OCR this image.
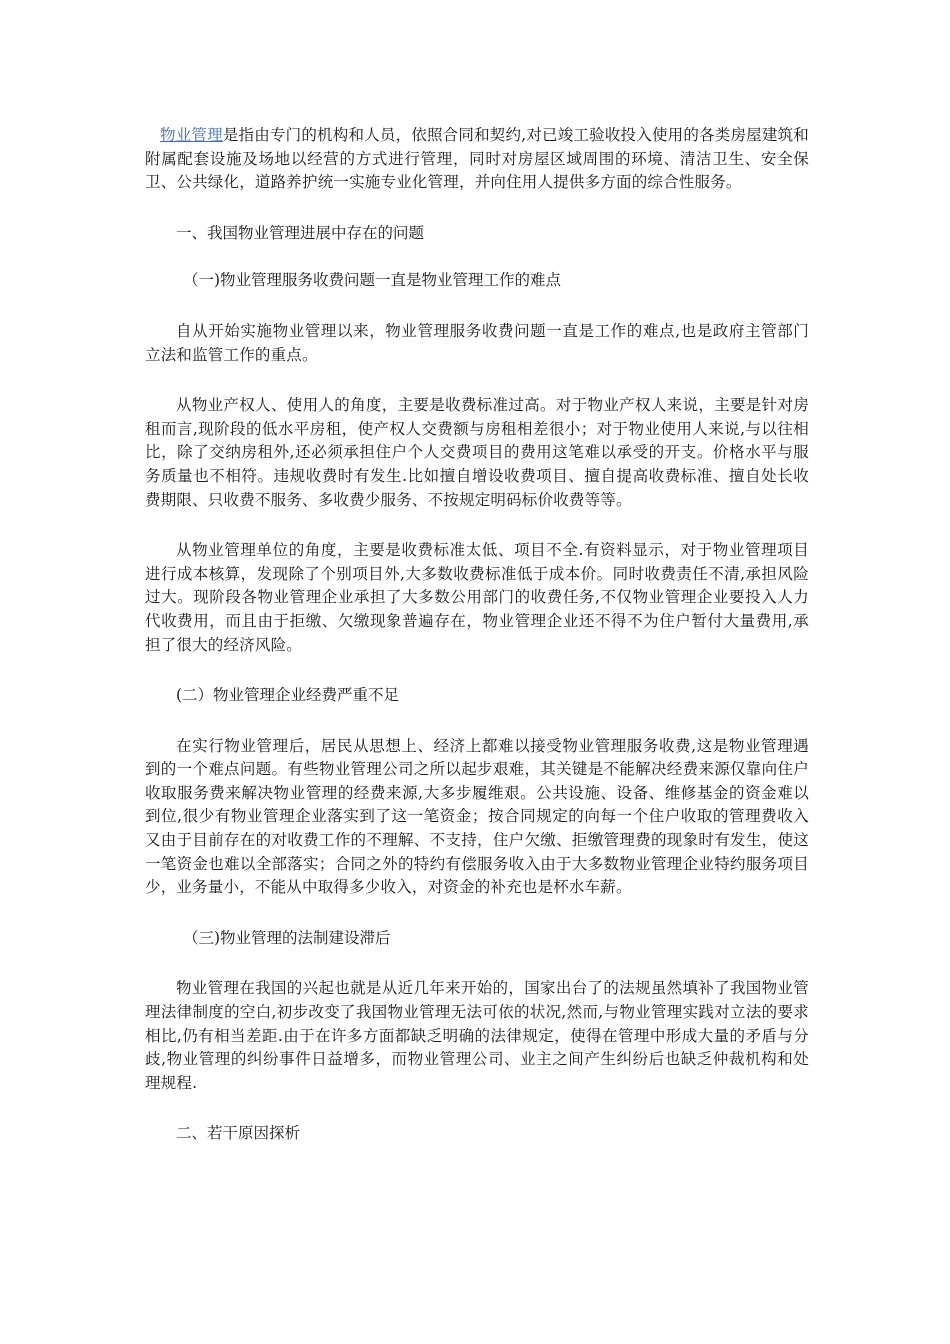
物业管理是指由专门的机构和人员，依照合同和契约,对已竣工验收投入使用的各类房屋建筑和附属配套设施及场地以经营的方式进行管理，同时对房屋区域周围的环境、清洁卫生、安全保卫、公共绿化，道路养护统一实施专业化管理，并向住用人提供多方面的综合性服务。

一、我国物业管理进展中存在的问题

（一)物业管理服务收费问题一直是物业管理工作的难点

自从开始实施物业管理以来，物业管理服务收费问题一直是工作的难点,也是政府主管部门立法和监管工作的重点。

从物业产权人、使用人的角度，主要是收费标准过高。对于物业产权人来说，主要是针对房租而言,现阶段的低水平房租，使产权人交费额与房租相差很小；对于物业使用人来说,与以往相比，除了交纳房租外,还必须承担住户个人交费项目的费用这笔难以承受的开支。价格水平与服务质量也不相符。违规收费时有发生.比如擅自增设收费项目、擅自提高收费标准、擅自处长收费期限、只收费不服务、多收费少服务、不按规定明码标价收费等等。

从物业管理单位的角度，主要是收费标准太低、项目不全.有资料显示，对于物业管理项目进行成本核算，发现除了个别项目外,大多数收费标准低于成本价。同时收费责任不清,承担风险过大。现阶段各物业管理企业承担了大多数公用部门的收费任务,不仅物业管理企业要投入人力代收费用，而且由于拒缴、欠缴现象普遍存在，物业管理企业还不得不为住户暂付大量费用,承担了很大的经济风险。

(二）物业管理企业经费严重不足

在实行物业管理后，居民从思想上、经济上都难以接受物业管理服务收费,这是物业管理遇到的一个难点问题。有些物业管理公司之所以起步艰难，其关键是不能解决经费来源仅靠向住户收取服务费来解决物业管理的经费来源,大多步履维艰。公共设施、设备、维修基金的资金难以到位,很少有物业管理企业落实到了这一笔资金；按合同规定的向每一个住户收取的管理费收入又由于目前存在的对收费工作的不理解、不支持，住户欠缴、拒缴管理费的现象时有发生，使这一笔资金也难以全部落实；合同之外的特约有偿服务收入由于大多数物业管理企业特约服务项目少，业务量小，不能从中取得多少收入，对资金的补充也是杯水车薪。

（三)物业管理的法制建设滞后

物业管理在我国的兴起也就是从近几年来开始的，国家出台了的法规虽然填补了我国物业管理法律制度的空白,初步改变了我国物业管理无法可依的状况,然而,与物业管理实践对立法的要求相比,仍有相当差距.由于在许多方面都缺乏明确的法律规定，使得在管理中形成大量的矛盾与分歧,物业管理的纠纷事件日益增多，而物业管理公司、业主之间产生纠纷后也缺乏仲裁机构和处理规程.

二、若干原因探析
